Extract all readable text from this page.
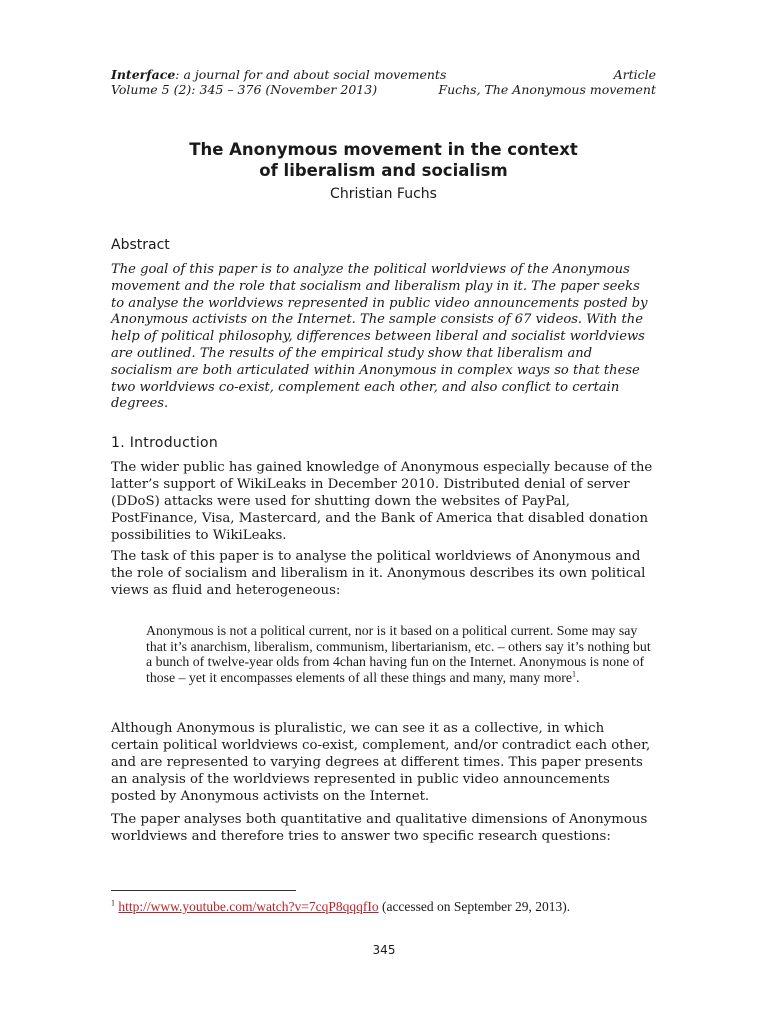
Interface: a journal for and about social movements	Article
Volume 5 (2): 345 – 376 (November 2013)	Fuchs, The Anonymous movement
The Anonymous movement in the context
of liberalism and socialism
Christian Fuchs
Abstract
The goal of this paper is to analyze the political worldviews of the Anonymous movement and the role that socialism and liberalism play in it. The paper seeks to analyse the worldviews represented in public video announcements posted by Anonymous activists on the Internet. The sample consists of 67 videos. With the help of political philosophy, differences between liberal and socialist worldviews are outlined. The results of the empirical study show that liberalism and socialism are both articulated within Anonymous in complex ways so that these two worldviews co-exist, complement each other, and also conflict to certain degrees.
1. Introduction

The wider public has gained knowledge of Anonymous especially because of the latter’s support of WikiLeaks in December 2010. Distributed denial of server (DDoS) attacks were used for shutting down the websites of PayPal, PostFinance, Visa, Mastercard, and the Bank of America that disabled donation possibilities to WikiLeaks.

The task of this paper is to analyse the political worldviews of Anonymous and the role of socialism and liberalism in it. Anonymous describes its own political views as fluid and heterogeneous:

Anonymous is not a political current, nor is it based on a political current. Some may say that it’s anarchism, liberalism, communism, libertarianism, etc. – others say it’s nothing but a bunch of twelve-year olds from 4chan having fun on the Internet. Anonymous is none of those – yet it encompasses elements of all these things and many, many more$^1$.

Although Anonymous is pluralistic, we can see it as a collective, in which certain political worldviews co-exist, complement, and/or contradict each other, and are represented to varying degrees at different times. This paper presents an analysis of the worldviews represented in public video announcements posted by Anonymous activists on the Internet.

The paper analyses both quantitative and qualitative dimensions of Anonymous worldviews and therefore tries to answer two specific research questions:

$^1$ http://www.youtube.com/watch?v=7cqP8qqqfIo (accessed on September 29, 2013).
345
